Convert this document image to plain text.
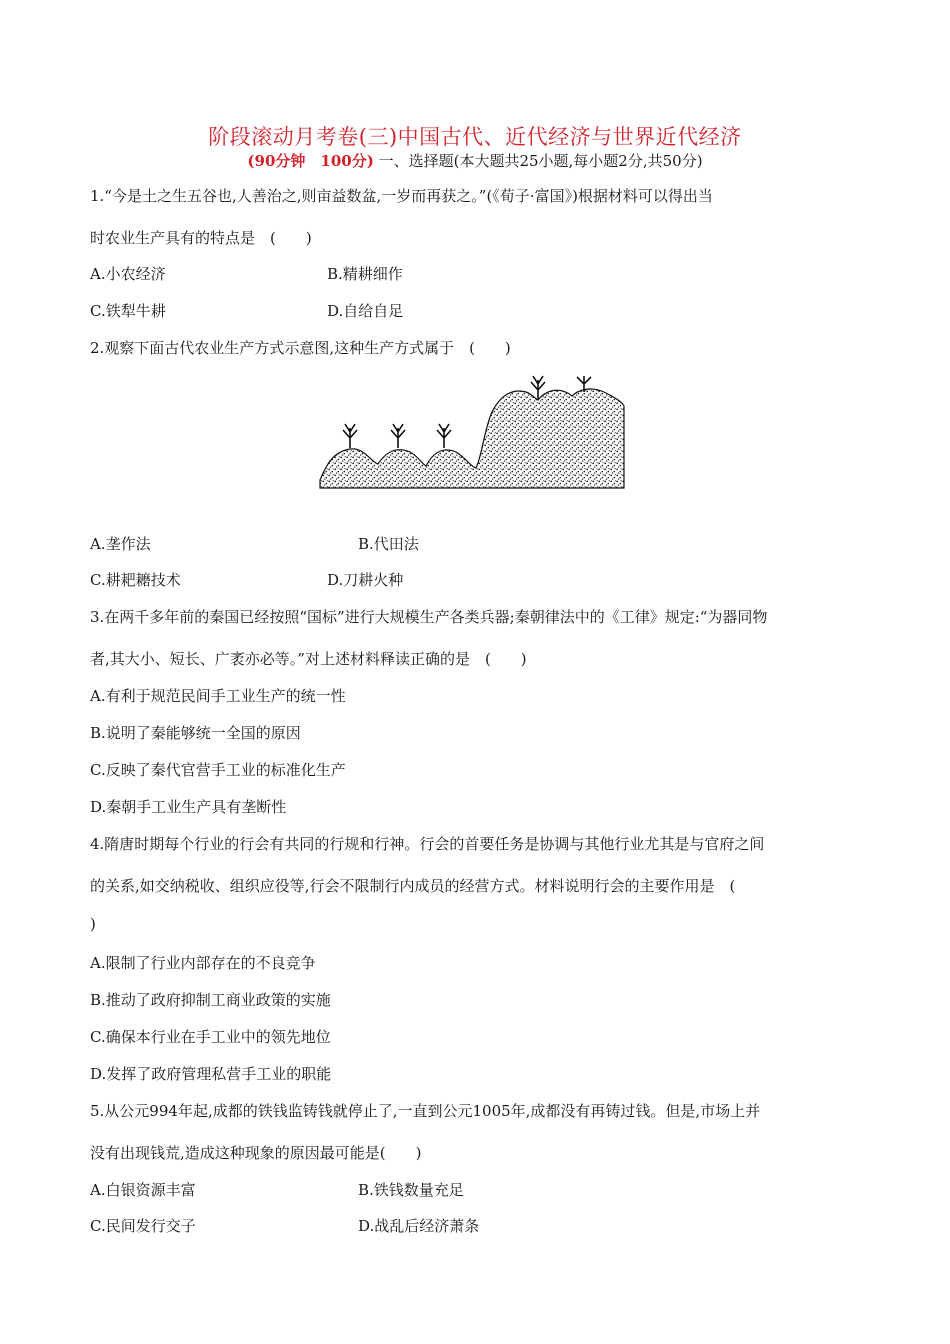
阶段滚动月考卷(三)中国古代、近代经济与世界近代经济
(90分钟　100分) 一、选择题(本大题共25小题,每小题2分,共50分)
1.“今是土之生五谷也,人善治之,则亩益数盆,一岁而再获之。”(《荀子·富国》)根据材料可以得出当
时农业生产具有的特点是　(　　)
A.小农经济	B.精耕细作
C.铁犁牛耕	D.自给自足
2.观察下面古代农业生产方式示意图,这种生产方式属于　(　　)
A.垄作法	B.代田法
C.耕耙耱技术	D.刀耕火种
3.在两千多年前的秦国已经按照“国标”进行大规模生产各类兵器;秦朝律法中的《工律》规定:“为器同物
者,其大小、短长、广袤亦必等。”对上述材料释读正确的是　(　　)
A.有利于规范民间手工业生产的统一性
B.说明了秦能够统一全国的原因
C.反映了秦代官营手工业的标准化生产
D.秦朝手工业生产具有垄断性
4.隋唐时期每个行业的行会有共同的行规和行神。行会的首要任务是协调与其他行业尤其是与官府之间
的关系,如交纳税收、组织应役等,行会不限制行内成员的经营方式。材料说明行会的主要作用是　(
)
A.限制了行业内部存在的不良竞争
B.推动了政府抑制工商业政策的实施
C.确保本行业在手工业中的领先地位
D.发挥了政府管理私营手工业的职能
5.从公元994年起,成都的铁钱监铸钱就停止了,一直到公元1005年,成都没有再铸过钱。但是,市场上并
没有出现钱荒,造成这种现象的原因最可能是(　　)
A.白银资源丰富	B.铁钱数量充足
C.民间发行交子	D.战乱后经济萧条
